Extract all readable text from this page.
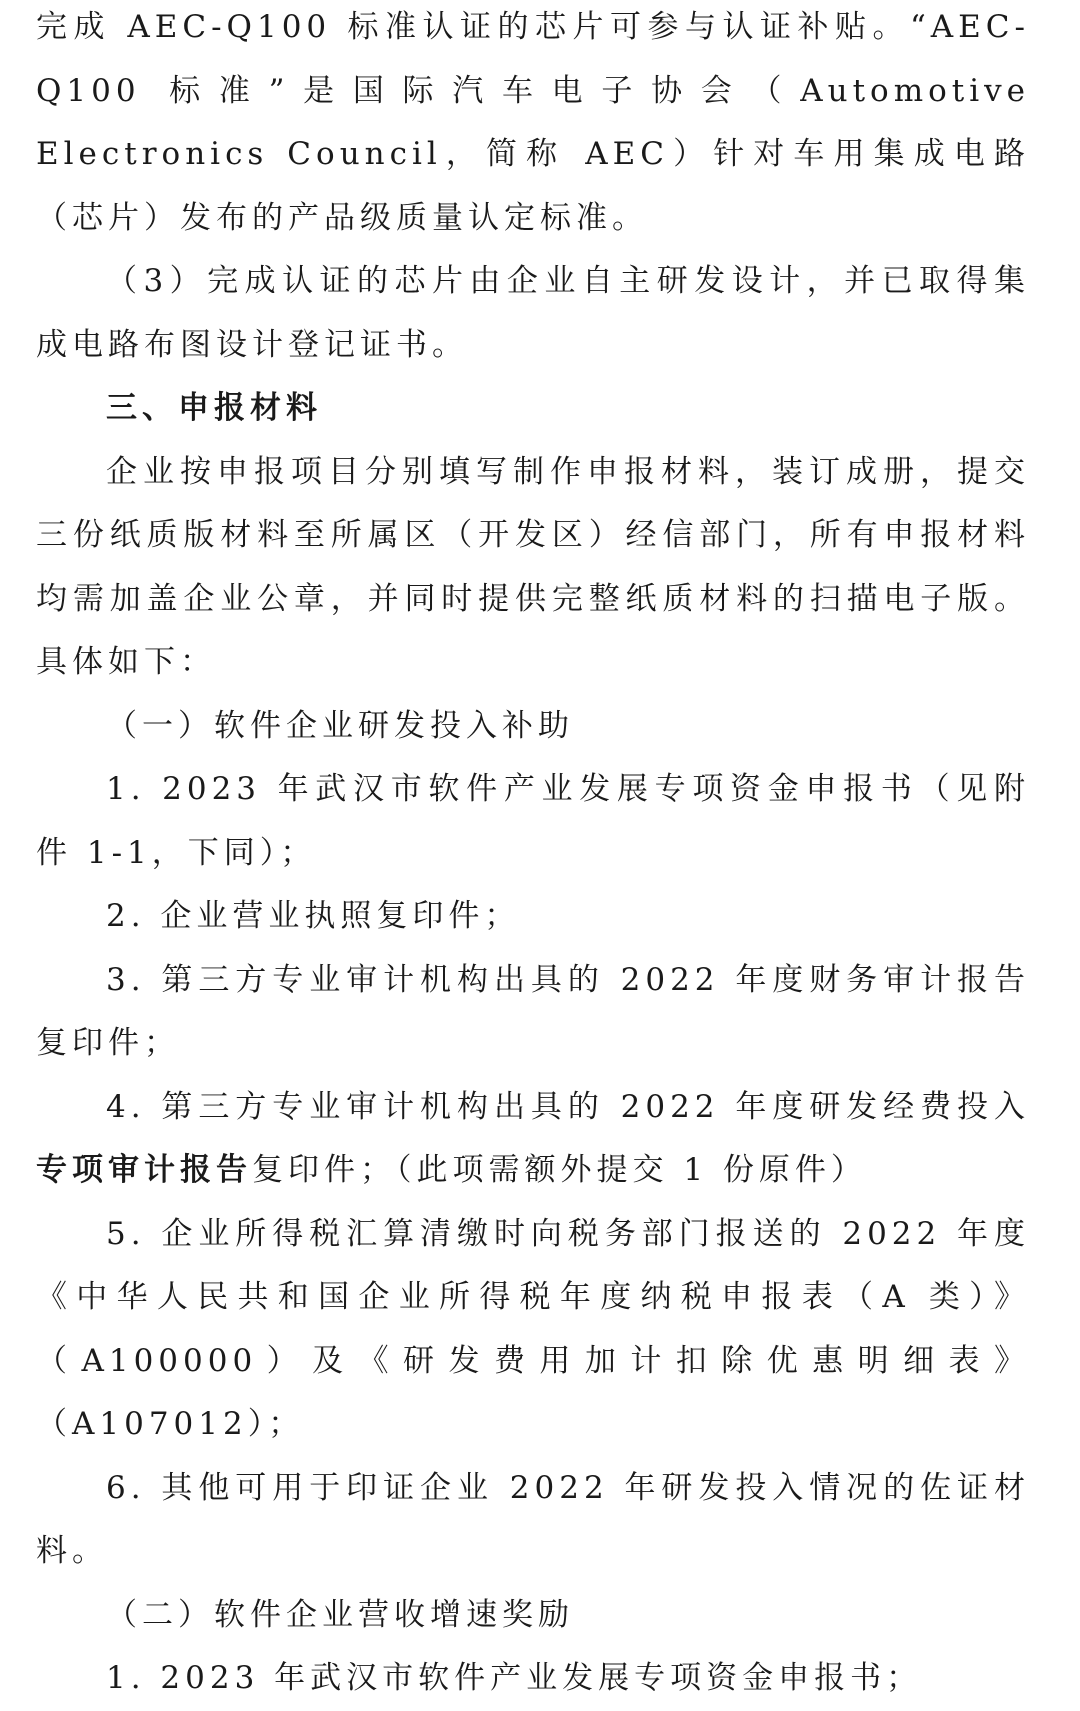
完成 AEC-Q100 标准认证的芯片可参与认证补贴。“AEC-Q100 标准”是国际汽车电子协会（Automotive Electronics Council，简称 AEC）针对车用集成电路（芯片）发布的产品级质量认定标准。

（3）完成认证的芯片由企业自主研发设计，并已取得集成电路布图设计登记证书。

三、申报材料

企业按申报项目分别填写制作申报材料，装订成册，提交三份纸质版材料至所属区（开发区）经信部门，所有申报材料均需加盖企业公章，并同时提供完整纸质材料的扫描电子版。具体如下：

（一）软件企业研发投入补助

1. 2023 年武汉市软件产业发展专项资金申报书（见附件 1-1，下同）；

2. 企业营业执照复印件；

3. 第三方专业审计机构出具的 2022 年度财务审计报告复印件；

4. 第三方专业审计机构出具的 2022 年度研发经费投入专项审计报告复印件；（此项需额外提交 1 份原件）

5. 企业所得税汇算清缴时向税务部门报送的 2022 年度《中华人民共和国企业所得税年度纳税申报表（A 类）》（A100000）及《研发费用加计扣除优惠明细表》（A107012）；

6. 其他可用于印证企业 2022 年研发投入情况的佐证材料。

（二）软件企业营收增速奖励

1. 2023 年武汉市软件产业发展专项资金申报书；
